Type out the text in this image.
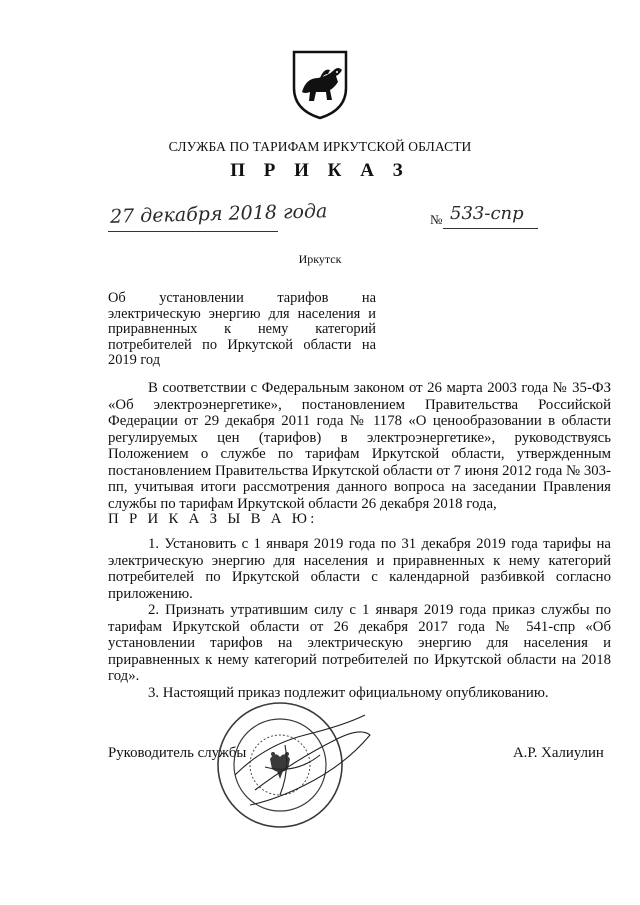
СЛУЖБА ПО ТАРИФАМ ИРКУТСКОЙ ОБЛАСТИ
П Р И К А З
27 декабря 2018 года	№ 533-спр
Иркутск
Об установлении тарифов на электрическую энергию для населения и приравненных к нему категорий потребителей по Иркутской области на 2019 год
В соответствии с Федеральным законом от 26 марта 2003 года № 35-ФЗ «Об электроэнергетике», постановлением Правительства Российской Федерации от 29 декабря 2011 года № 1178 «О ценообразовании в области регулируемых цен (тарифов) в электроэнергетике», руководствуясь Положением о службе по тарифам Иркутской области, утвержденным постановлением Правительства Иркутской области от 7 июня 2012 года № 303-пп, учитывая итоги рассмотрения данного вопроса на заседании Правления службы по тарифам Иркутской области 26 декабря 2018 года,
П Р И К А З Ы В А Ю:
1. Установить с 1 января 2019 года по 31 декабря 2019 года тарифы на электрическую энергию для населения и приравненных к нему категорий потребителей по Иркутской области с календарной разбивкой согласно приложению.
2. Признать утратившим силу с 1 января 2019 года приказ службы по тарифам Иркутской области от 26 декабря 2017 года № 541-спр «Об установлении тарифов на электрическую энергию для населения и приравненных к нему категорий потребителей по Иркутской области на 2018 год».
3. Настоящий приказ подлежит официальному опубликованию.
Руководитель службы	А.Р. Халиулин
